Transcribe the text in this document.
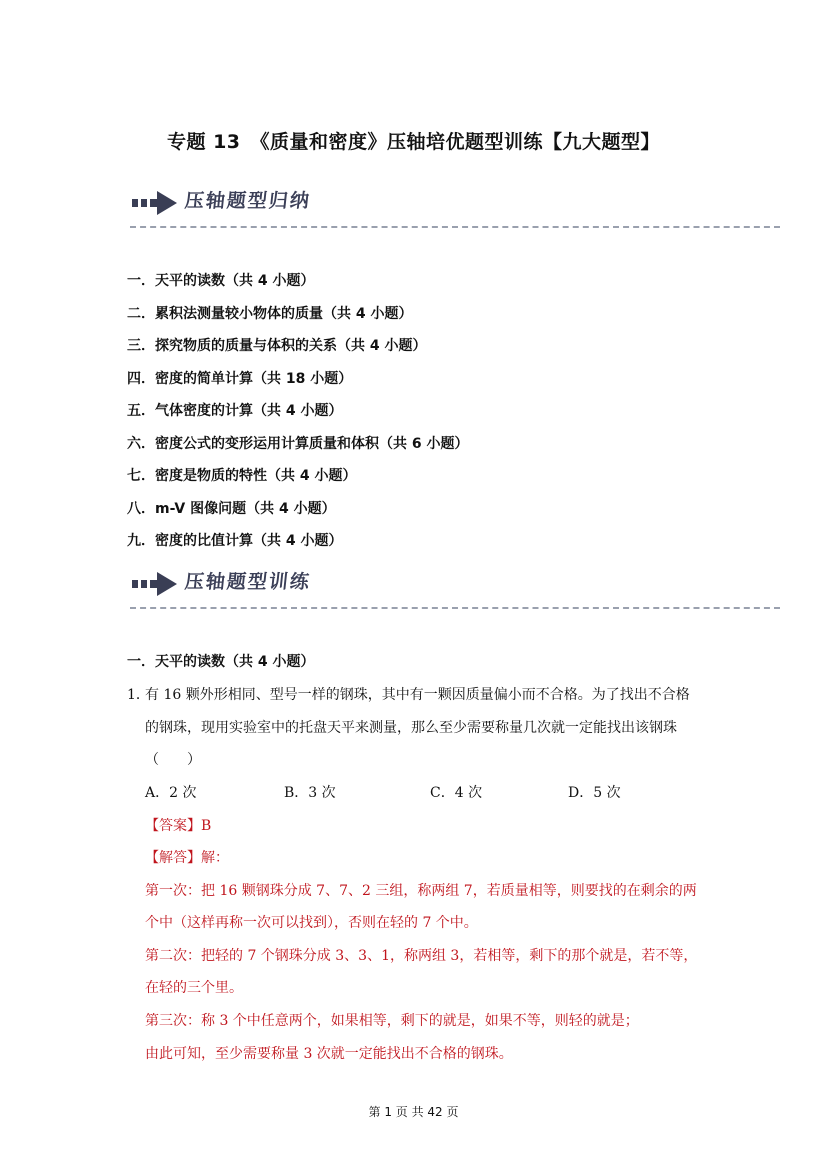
专题 13　《质量和密度》压轴培优题型训练【九大题型】
压轴题型归纳
一．天平的读数（共 4 小题）
二．累积法测量较小物体的质量（共 4 小题）
三．探究物质的质量与体积的关系（共 4 小题）
四．密度的简单计算（共 18 小题）
五．气体密度的计算（共 4 小题）
六．密度公式的变形运用计算质量和体积（共 6 小题）
七．密度是物质的特性（共 4 小题）
八．m-V 图像问题（共 4 小题）
九．密度的比值计算（共 4 小题）
压轴题型训练
一．天平的读数（共 4 小题）
1．
有 16 颗外形相同、型号一样的钢珠，其中有一颗因质量偏小而不合格。为了找出不合格
的钢珠，现用实验室中的托盘天平来测量，那么至少需要称量几次就一定能找出该钢珠
（　　）
A．2 次	B．3 次	C．4 次	D．5 次
【答案】B
【解答】解：
第一次：把 16 颗钢珠分成 7、7、2 三组，称两组 7，若质量相等，则要找的在剩余的两
个中（这样再称一次可以找到），否则在轻的 7 个中。
第二次：把轻的 7 个钢珠分成 3、3、1，称两组 3，若相等，剩下的那个就是，若不等，
在轻的三个里。
第三次：称 3 个中任意两个，如果相等，剩下的就是，如果不等，则轻的就是；
由此可知，至少需要称量 3 次就一定能找出不合格的钢珠。
第 1 页 共 42 页
